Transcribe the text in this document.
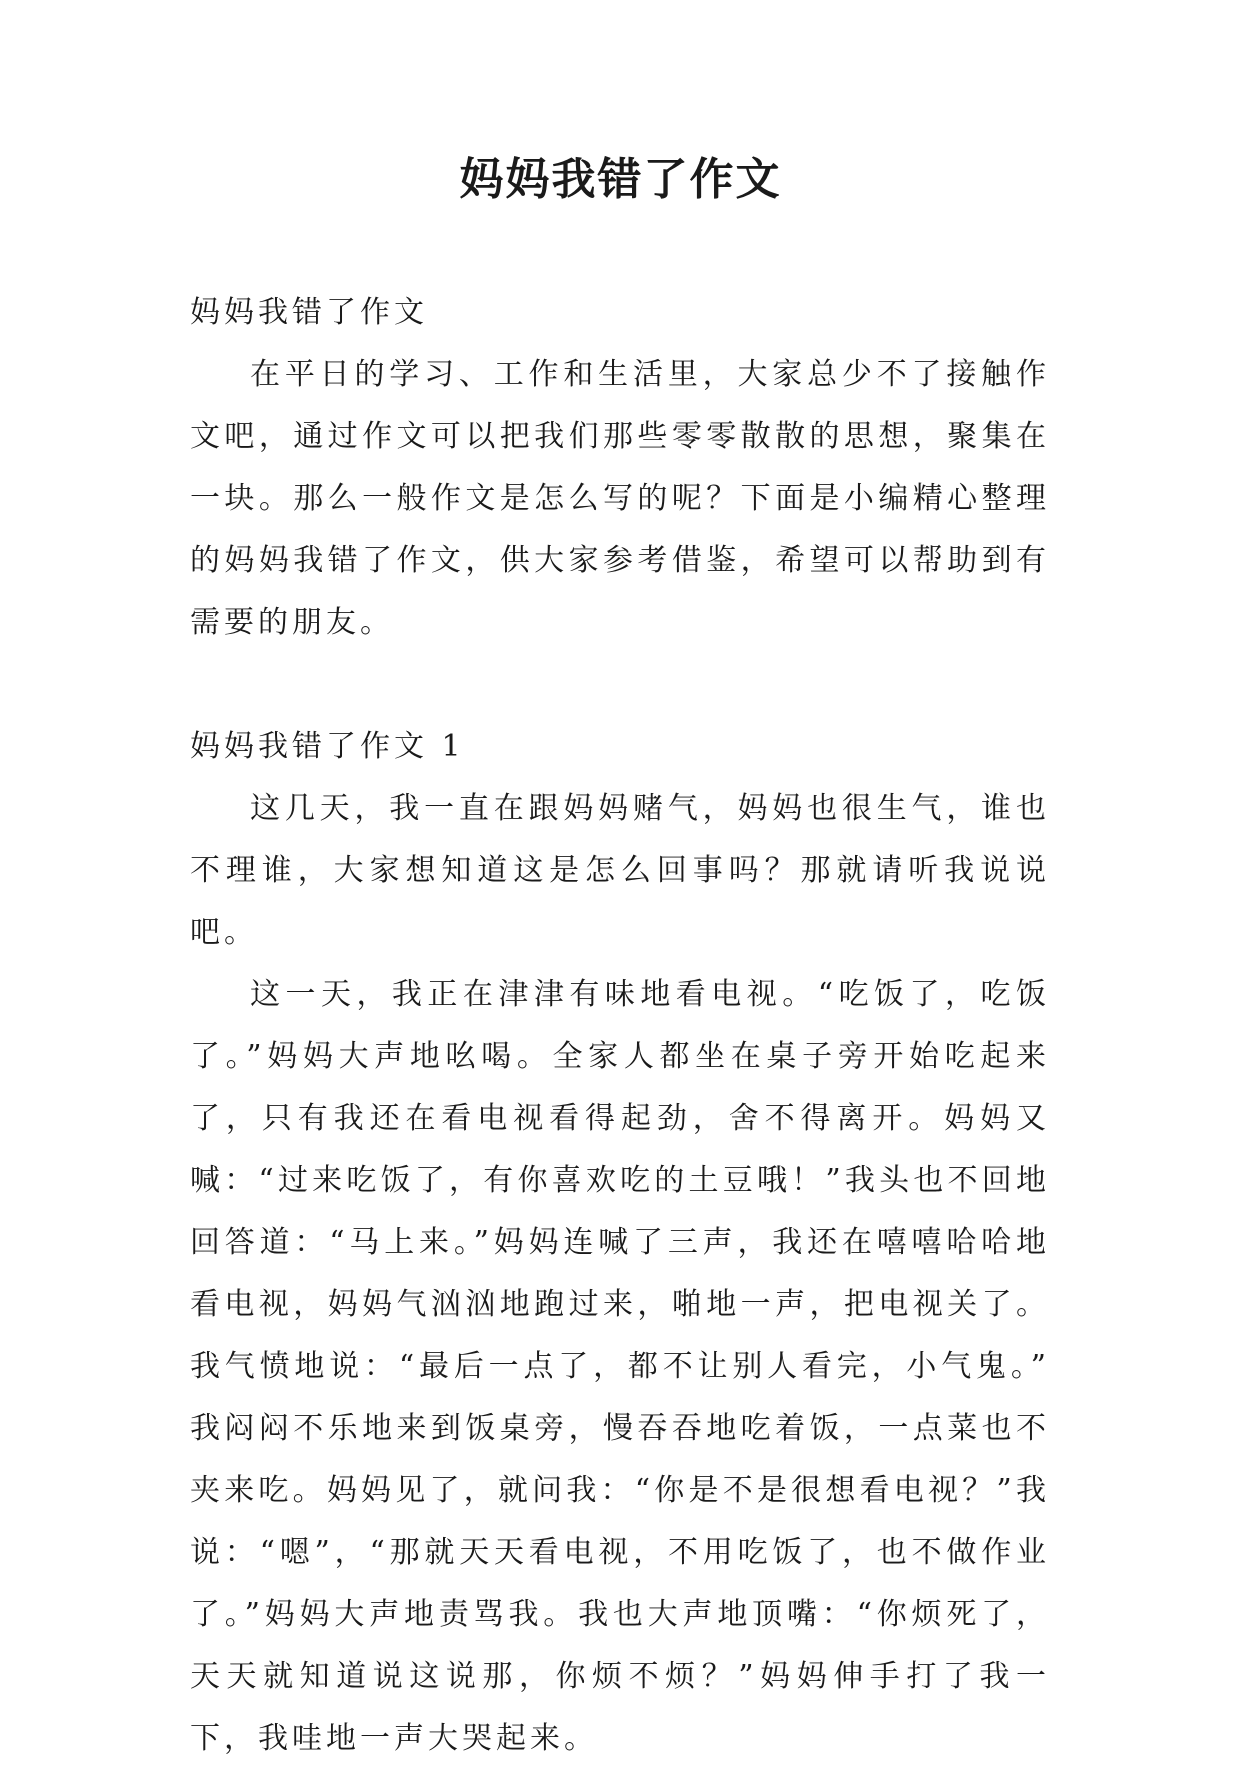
妈妈我错了作文

妈妈我错了作文

在平日的学习、工作和生活里，大家总少不了接触作文吧，通过作文可以把我们那些零零散散的思想，聚集在一块。那么一般作文是怎么写的呢？下面是小编精心整理的妈妈我错了作文，供大家参考借鉴，希望可以帮助到有需要的朋友。

妈妈我错了作文 1

这几天，我一直在跟妈妈赌气，妈妈也很生气，谁也不理谁，大家想知道这是怎么回事吗？那就请听我说说吧。

这一天，我正在津津有味地看电视。“吃饭了，吃饭了。”妈妈大声地吆喝。全家人都坐在桌子旁开始吃起来了，只有我还在看电视看得起劲，舍不得离开。妈妈又喊：“过来吃饭了，有你喜欢吃的土豆哦！”我头也不回地回答道：“马上来。”妈妈连喊了三声，我还在嘻嘻哈哈地看电视，妈妈气汹汹地跑过来，啪地一声，把电视关了。我气愤地说：“最后一点了，都不让别人看完，小气鬼。” 我闷闷不乐地来到饭桌旁，慢吞吞地吃着饭，一点菜也不夹来吃。妈妈见了，就问我：“你是不是很想看电视？”我说：“嗯”，“那就天天看电视，不用吃饭了，也不做作业了。”妈妈大声地责骂我。我也大声地顶嘴：“你烦死了，天天就知道说这说那，你烦不烦？”妈妈伸手打了我一下，我哇地一声大哭起来。
